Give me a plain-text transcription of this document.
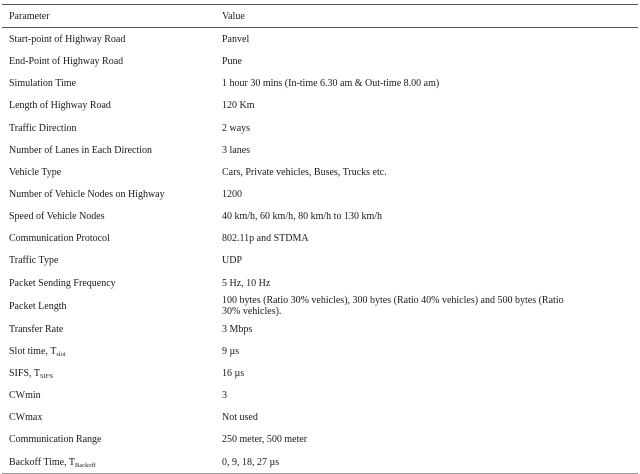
Parameter	Value
Start-point of Highway Road	Panvel
End-Point of Highway Road	Pune
Simulation Time	1 hour 30 mins (In-time 6.30 am & Out-time 8.00 am)
Length of Highway Road	120 Km
Traffic Direction	2 ways
Number of Lanes in Each Direction	3 lanes
Vehicle Type	Cars, Private vehicles, Buses, Trucks etc.
Number of Vehicle Nodes on Highway	1200
Speed of Vehicle Nodes	40 km/h, 60 km/h, 80 km/h to 130 km/h
Communication Protocol	802.11p and STDMA
Traffic Type	UDP
Packet Sending Frequency	5 Hz, 10 Hz
Packet Length	100 bytes (Ratio 30% vehicles), 300 bytes (Ratio 40% vehicles) and 500 bytes (Ratio 30% vehicles).
Transfer Rate	3 Mbps
Slot time, $T_{slot}$	9 µs
SIFS, $T_{SIFS}$	16 µs
CWmin	3
CWmax	Not used
Communication Range	250 meter, 500 meter
Backoff Time, $T_{Backoff}$	0, 9, 18, 27 µs
